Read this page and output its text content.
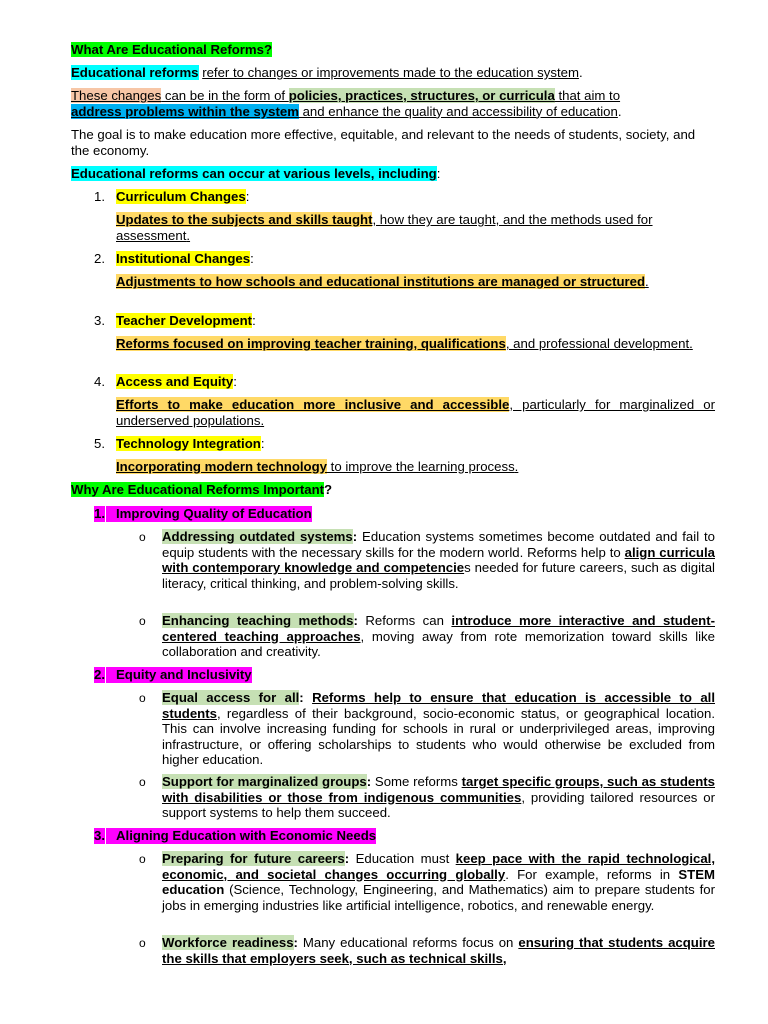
What Are Educational Reforms?

Educational reforms refer to changes or improvements made to the education system.

These changes can be in the form of policies, practices, structures, or curricula that aim to
address problems within the system and enhance the quality and accessibility of education.

The goal is to make education more effective, equitable, and relevant to the needs of students, society, and the economy.

Educational reforms can occur at various levels, including:

1. Curriculum Changes:

Updates to the subjects and skills taught, how they are taught, and the methods used for assessment.

2. Institutional Changes:

Adjustments to how schools and educational institutions are managed or structured.

3. Teacher Development:

Reforms focused on improving teacher training, qualifications, and professional development.

4. Access and Equity:

Efforts to make education more inclusive and accessible, particularly for marginalized or underserved populations.

5. Technology Integration:

Incorporating modern technology to improve the learning process.

Why Are Educational Reforms Important?

1. Improving Quality of Education
o Addressing outdated systems: Education systems sometimes become outdated and fail to equip students with the necessary skills for the modern world. Reforms help to align curricula with contemporary knowledge and competencies needed for future careers, such as digital literacy, critical thinking, and problem-solving skills.

o Enhancing teaching methods: Reforms can introduce more interactive and student-centered teaching approaches, moving away from rote memorization toward skills like collaboration and creativity.

2. Equity and Inclusivity
o Equal access for all: Reforms help to ensure that education is accessible to all students, regardless of their background, socio-economic status, or geographical location. This can involve increasing funding for schools in rural or underprivileged areas, improving infrastructure, or offering scholarships to students who would otherwise be excluded from higher education.

o Support for marginalized groups: Some reforms target specific groups, such as students with disabilities or those from indigenous communities, providing tailored resources or support systems to help them succeed.

3. Aligning Education with Economic Needs
o Preparing for future careers: Education must keep pace with the rapid technological, economic, and societal changes occurring globally. For example, reforms in STEM education (Science, Technology, Engineering, and Mathematics) aim to prepare students for jobs in emerging industries like artificial intelligence, robotics, and renewable energy.

o Workforce readiness: Many educational reforms focus on ensuring that students acquire the skills that employers seek, such as technical skills,
